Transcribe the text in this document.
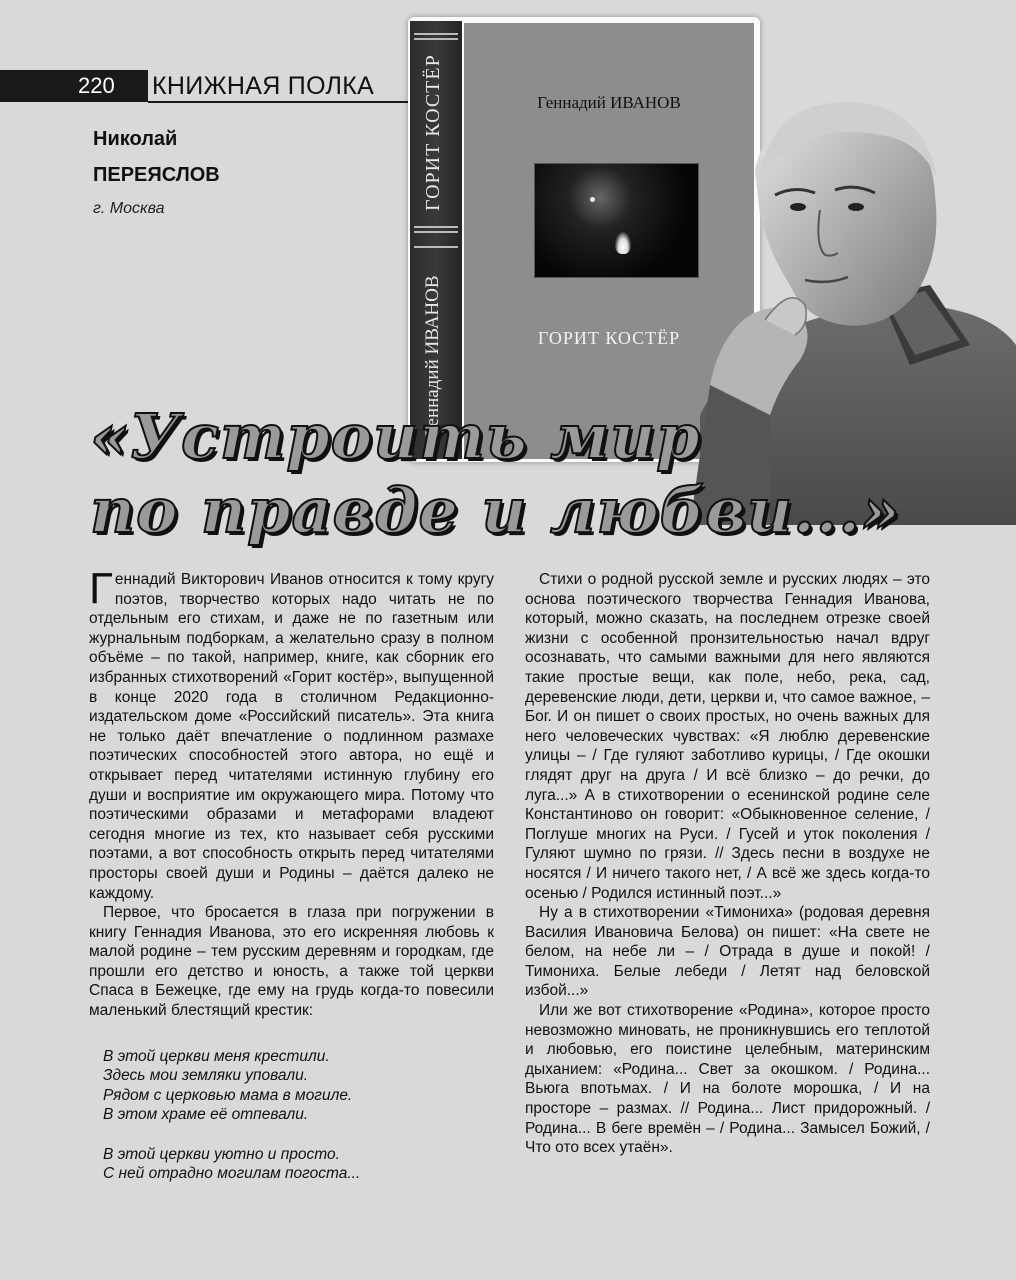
220 КНИЖНАЯ ПОЛКА
Николай
ПЕРЕЯСЛОВ
г. Москва	ГОРИТ КОСТЁР
Геннадий ИВАНОВ
Геннадий ИВАНОВ
ГОРИТ КОСТЁР
«Устроить мир
по правде и любви...»

Геннадий Викторович Иванов относится к тому кругу поэтов, творчество которых надо читать не по отдельным его стихам, и даже не по газетным или журнальным подборкам, а желательно сразу в полном объёме – по такой, например, книге, как сборник его избранных стихотворений «Горит костёр», выпущенной в конце 2020 года в столичном Редакционно-издательском доме «Российский писатель». Эта книга не только даёт впечатление о подлинном размахе поэтических способностей этого автора, но ещё и открывает перед читателями истинную глубину его души и восприятие им окружающего мира. Потому что поэтическими образами и метафорами владеют сегодня многие из тех, кто называет себя русскими поэтами, а вот способность открыть перед читателями просторы своей души и Родины – даётся далеко не каждому.

Первое, что бросается в глаза при погружении в книгу Геннадия Иванова, это его искренняя любовь к малой родине – тем русским деревням и городкам, где прошли его детство и юность, а также той церкви Спаса в Бежецке, где ему на грудь когда-то повесили маленький блестящий крестик:

В этой церкви меня крестили.
Здесь мои земляки уповали.
Рядом с церковью мама в могиле.
В этом храме её отпевали.
В этой церкви уютно и просто.
С ней отрадно могилам погоста...

Стихи о родной русской земле и русских людях – это основа поэтического творчества Геннадия Иванова, который, можно сказать, на последнем отрезке своей жизни с особенной пронзительностью начал вдруг осознавать, что самыми важными для него являются такие простые вещи, как поле, небо, река, сад, деревенские люди, дети, церкви и, что самое важное, – Бог. И он пишет о своих простых, но очень важных для него человеческих чувствах: «Я люблю деревенские улицы – / Где гуляют заботливо курицы, / Где окошки глядят друг на друга / И всё близко – до речки, до луга...» А в стихотворении о есенинской родине селе Константиново он говорит: «Обыкновенное селение, / Поглуше многих на Руси. / Гусей и уток поколения / Гуляют шумно по грязи. // Здесь песни в воздухе не носятся / И ничего такого нет, / А всё же здесь когда-то осенью / Родился истинный поэт...»

Ну а в стихотворении «Тимониха» (родовая деревня Василия Ивановича Белова) он пишет: «На свете не белом, на небе ли – / Отрада в душе и покой! / Тимониха. Белые лебеди / Летят над беловской избой...»

Или же вот стихотворение «Родина», которое просто невозможно миновать, не проникнувшись его теплотой и любовью, его поистине целебным, материнским дыханием: «Родина... Свет за окошком. / Родина... Вьюга впотьмах. / И на болоте морошка, / И на просторе – размах. // Родина... Лист придорожный. / Родина... В беге времён – / Родина... Замысел Божий, / Что ото всех утаён».
